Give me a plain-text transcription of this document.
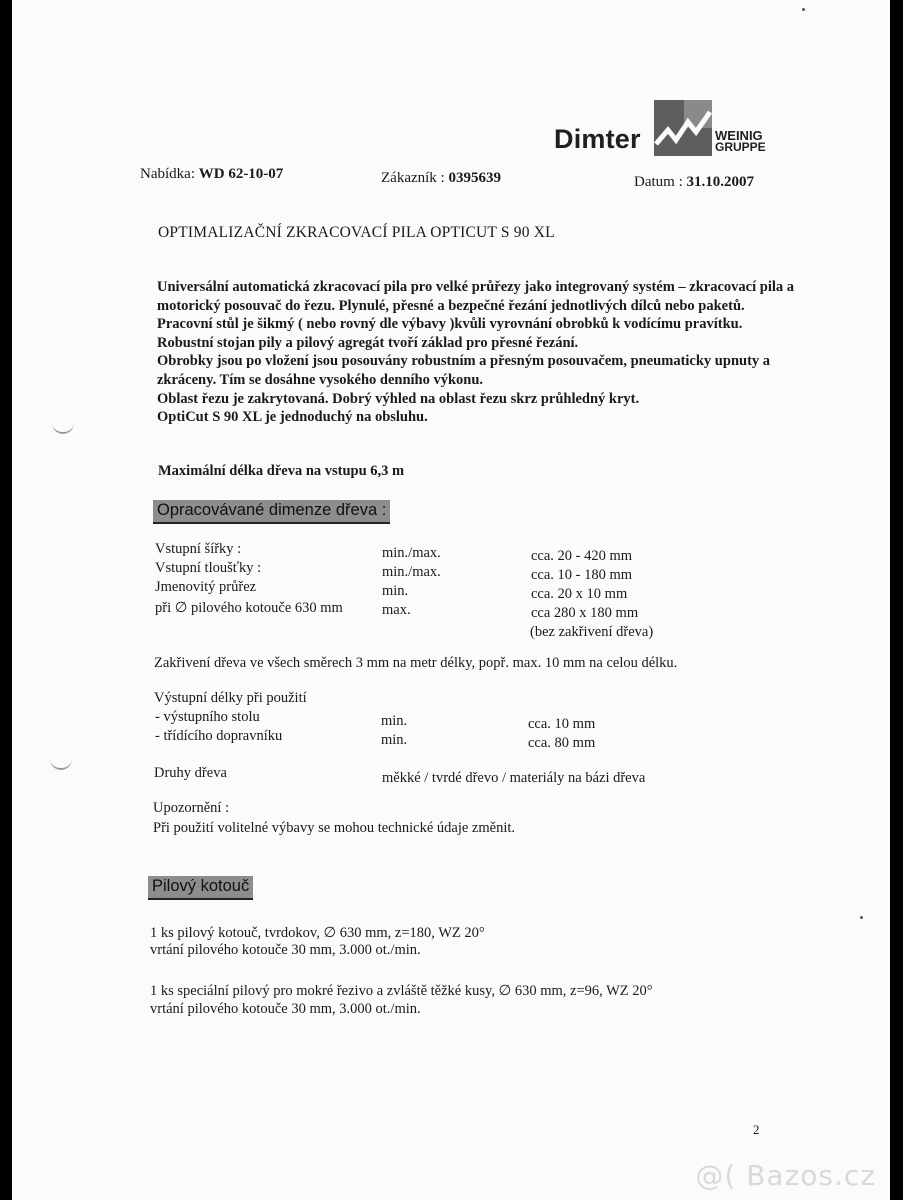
Dimter	WEINIG
GRUPPE
Nabídka: WD 62-10-07	Zákazník : 0395639	Datum : 31.10.2007
OPTIMALIZAČNÍ ZKRACOVACÍ PILA OPTICUT S 90 XL

Universální automatická zkracovací pila pro velké průřezy jako integrovaný systém – zkracovací pila a motorický posouvač do řezu. Plynulé, přesné a bezpečné řezání jednotlivých dílců nebo paketů. Pracovní stůl je šikmý ( nebo rovný dle výbavy )kvůli vyrovnání obrobků k vodícímu pravítku. Robustní stojan pily a pilový agregát tvoří základ pro přesné řezání.

Obrobky jsou po vložení jsou posouvány robustním a přesným posouvačem, pneumaticky upnuty a zkráceny. Tím se dosáhne vysokého denního výkonu.

Oblast řezu je zakrytovaná. Dobrý výhled na oblast řezu skrz průhledný kryt.

OptiCut S 90 XL je jednoduchý na obsluhu.

Maximální délka dřeva na vstupu 6,3 m
Opracovávané dimenze dřeva :
Vstupní šířky :	min./max.	cca. 20 - 420 mm
Vstupní tloušťky :	min./max.	cca. 10 - 180 mm
Jmenovitý průřez	min.	cca. 20 x 10 mm
při ∅ pilového kotouče 630 mm	max.	cca 280 x 180 mm
(bez zakřivení dřeva)
Zakřivení dřeva ve všech směrech 3 mm na metr délky, popř. max. 10 mm na celou délku.
Výstupní délky při použití
- výstupního stolu	min.	cca. 10 mm
- třídícího dopravníku	min.	cca. 80 mm
Druhy dřeva	měkké / tvrdé dřevo / materiály na bázi dřeva
Upozornění :
Při použití volitelné výbavy se mohou technické údaje změnit.
Pilový kotouč
1 ks pilový kotouč, tvrdokov, ∅ 630 mm, z=180, WZ 20°
vrtání pilového kotouče 30 mm, 3.000 ot./min.
1 ks speciální pilový pro mokré řezivo a zvláště těžké kusy, ∅ 630 mm, z=96, WZ 20°
vrtání pilového kotouče 30 mm, 3.000 ot./min.
2
@( Bazos.cz
